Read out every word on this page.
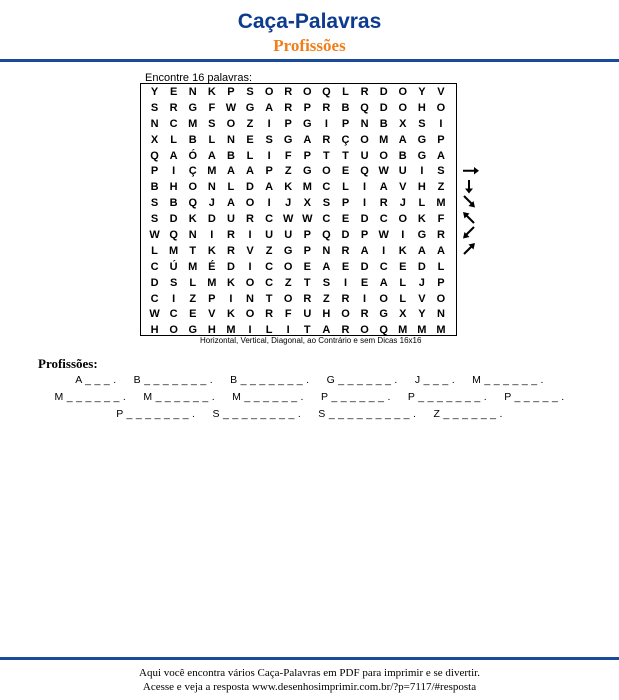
Caça-Palavras
Profissões
Encontre 16 palavras:
Y	E	N	K	P	S	O R O Q	L	R	D O	Y	V
S	R G	F W G A	R	P	R	B Q D O H O
N	C M S	O	Z	I	P	G	I	P	N	B	X	S	I
X	L	B	L	N	E	S	G A	R	Ç O M A G	P
Q A Ó A	B	L	I	F	P	T	T	U O B G A
P	I	Ç M A	A	P	Z	G O	E	Q W U	I	S
B	H O N	L	D	A	K M C	L	I	A	V	H	Z
S	B Q	J	A O	I	J	X	S	P	I	R	J	L	M
S	D	K	D	U	R	C W W C	E	D	C O K	F
W Q N	I	R	I	U	U	P	Q D	P W	I	G R
L	M	T	K	R	V	Z	G	P	N	R	A	I	K	A	A
C	Ú M É	D	I	C O	E	A	E	D	C	E	D	L
D	S	L	M K O C	Z	T	S	I	E	A	L	J	P
C	I	Z	P	I	N	T	O R	Z	R	I	O	L	V	O
W C	E	V	K O R	F	U	H O R G	X	Y	N
H O G H M	I	L	I	T	A	R O Q M M M
Horizontal, Vertical, Diagonal, ao Contrário e sem Dicas 16x16
Profissões:
A _ _ _ . B _ _ _ _ _ _ _ . B _ _ _ _ _ _ _ . G _ _ _ _ _ _ . J _ _ _ . M _ _ _ _ _ _ .
M _ _ _ _ _ _ . M _ _ _ _ _ _ . M _ _ _ _ _ _ . P _ _ _ _ _ _ . P _ _ _ _ _ _ _ . P _ _ _ _ _ .
P _ _ _ _ _ _ _ . S _ _ _ _ _ _ _ _ . S _ _ _ _ _ _ _ _ _ . Z _ _ _ _ _ _ .
Aqui você encontra vários Caça-Palavras em PDF para imprimir e se divertir.
Acesse e veja a resposta www.desenhosimprimir.com.br/?p=7117/#resposta
